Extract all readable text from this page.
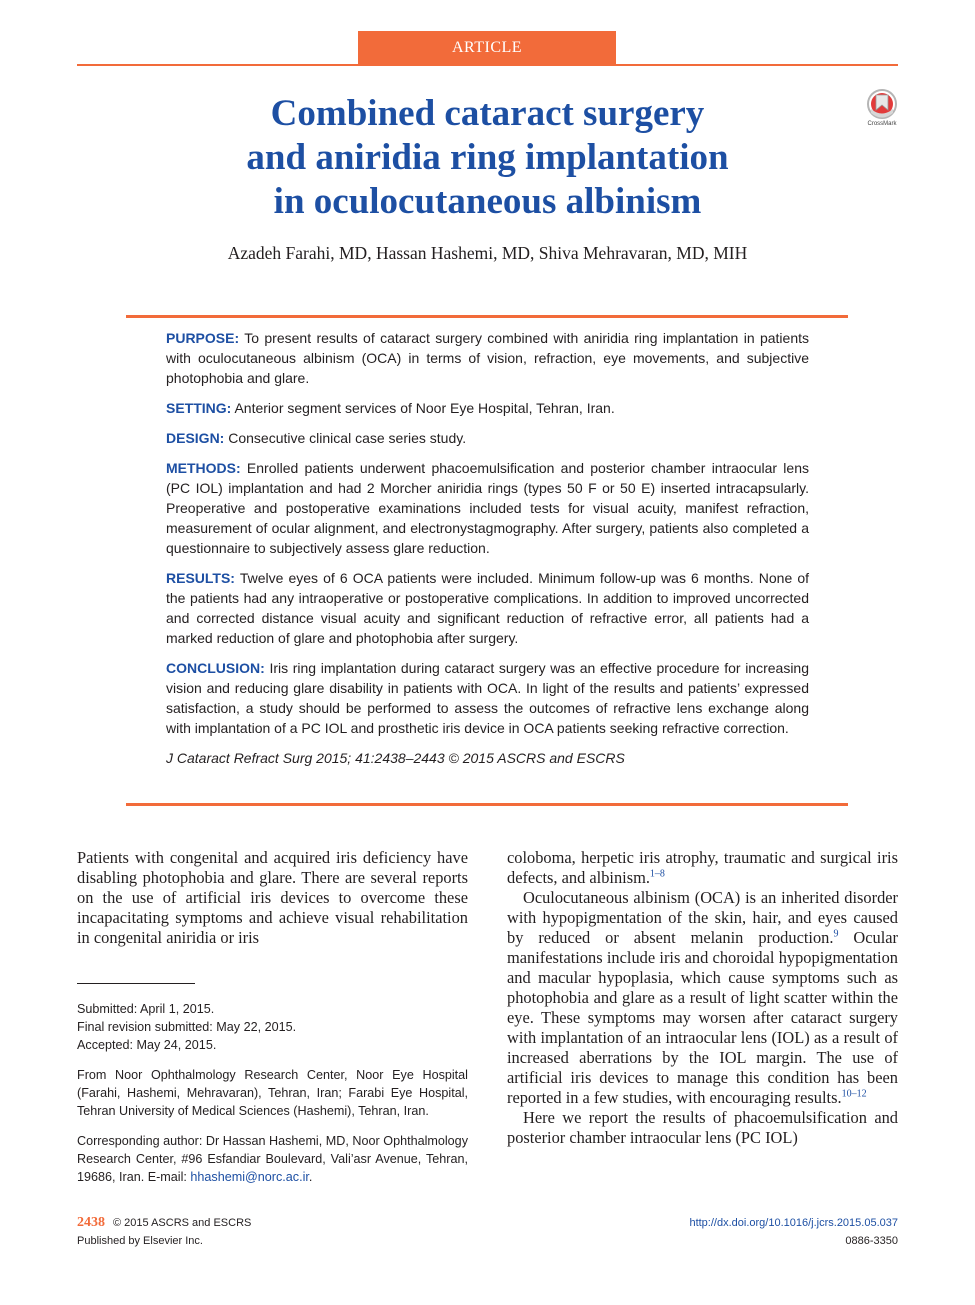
ARTICLE
Combined cataract surgery
and aniridia ring implantation
in oculocutaneous albinism
CrossMark
Azadeh Farahi, MD, Hassan Hashemi, MD, Shiva Mehravaran, MD, MIH

PURPOSE: To present results of cataract surgery combined with aniridia ring implantation in patients with oculocutaneous albinism (OCA) in terms of vision, refraction, eye movements, and subjective photophobia and glare.

SETTING: Anterior segment services of Noor Eye Hospital, Tehran, Iran.

DESIGN: Consecutive clinical case series study.

METHODS: Enrolled patients underwent phacoemulsification and posterior chamber intraocular lens (PC IOL) implantation and had 2 Morcher aniridia rings (types 50 F or 50 E) inserted intracapsularly. Preoperative and postoperative examinations included tests for visual acuity, manifest refraction, measurement of ocular alignment, and electronystagmography. After surgery, patients also completed a questionnaire to subjectively assess glare reduction.

RESULTS: Twelve eyes of 6 OCA patients were included. Minimum follow-up was 6 months. None of the patients had any intraoperative or postoperative complications. In addition to improved uncorrected and corrected distance visual acuity and significant reduction of refractive error, all patients had a marked reduction of glare and photophobia after surgery.

CONCLUSION: Iris ring implantation during cataract surgery was an effective procedure for increasing vision and reducing glare disability in patients with OCA. In light of the results and patients’ expressed satisfaction, a study should be performed to assess the outcomes of refractive lens exchange along with implantation of a PC IOL and prosthetic iris device in OCA patients seeking refractive correction.

J Cataract Refract Surg 2015; 41:2438–2443 © 2015 ASCRS and ESCRS

Patients with congenital and acquired iris deficiency have disabling photophobia and glare. There are several reports on the use of artificial iris devices to overcome these incapacitating symptoms and achieve visual rehabilitation in congenital aniridia or iris

Submitted: April 1, 2015.
Final revision submitted: May 22, 2015.
Accepted: May 24, 2015.

From Noor Ophthalmology Research Center, Noor Eye Hospital (Farahi, Hashemi, Mehravaran), Tehran, Iran; Farabi Eye Hospital, Tehran University of Medical Sciences (Hashemi), Tehran, Iran.

Corresponding author: Dr Hassan Hashemi, MD, Noor Ophthalmology Research Center, #96 Esfandiar Boulevard, Vali’asr Avenue, Tehran, 19686, Iran. E-mail: hhashemi@norc.ac.ir.

coloboma, herpetic iris atrophy, traumatic and surgical iris defects, and albinism.$^{1-8}$

Oculocutaneous albinism (OCA) is an inherited disorder with hypopigmentation of the skin, hair, and eyes caused by reduced or absent melanin production.$^9$ Ocular manifestations include iris and choroidal hypopigmentation and macular hypoplasia, which cause symptoms such as photophobia and glare as a result of light scatter within the eye. These symptoms may worsen after cataract surgery with implantation of an intraocular lens (IOL) as a result of increased aberrations by the IOL margin. The use of artificial iris devices to manage this condition has been reported in a few studies, with encouraging results.$^{10-12}$

Here we report the results of phacoemulsification and posterior chamber intraocular lens (PC IOL)

2438 © 2015 ASCRS and ESCRS
Published by Elsevier Inc.
http://dx.doi.org/10.1016/j.jcrs.2015.05.037
0886-3350
